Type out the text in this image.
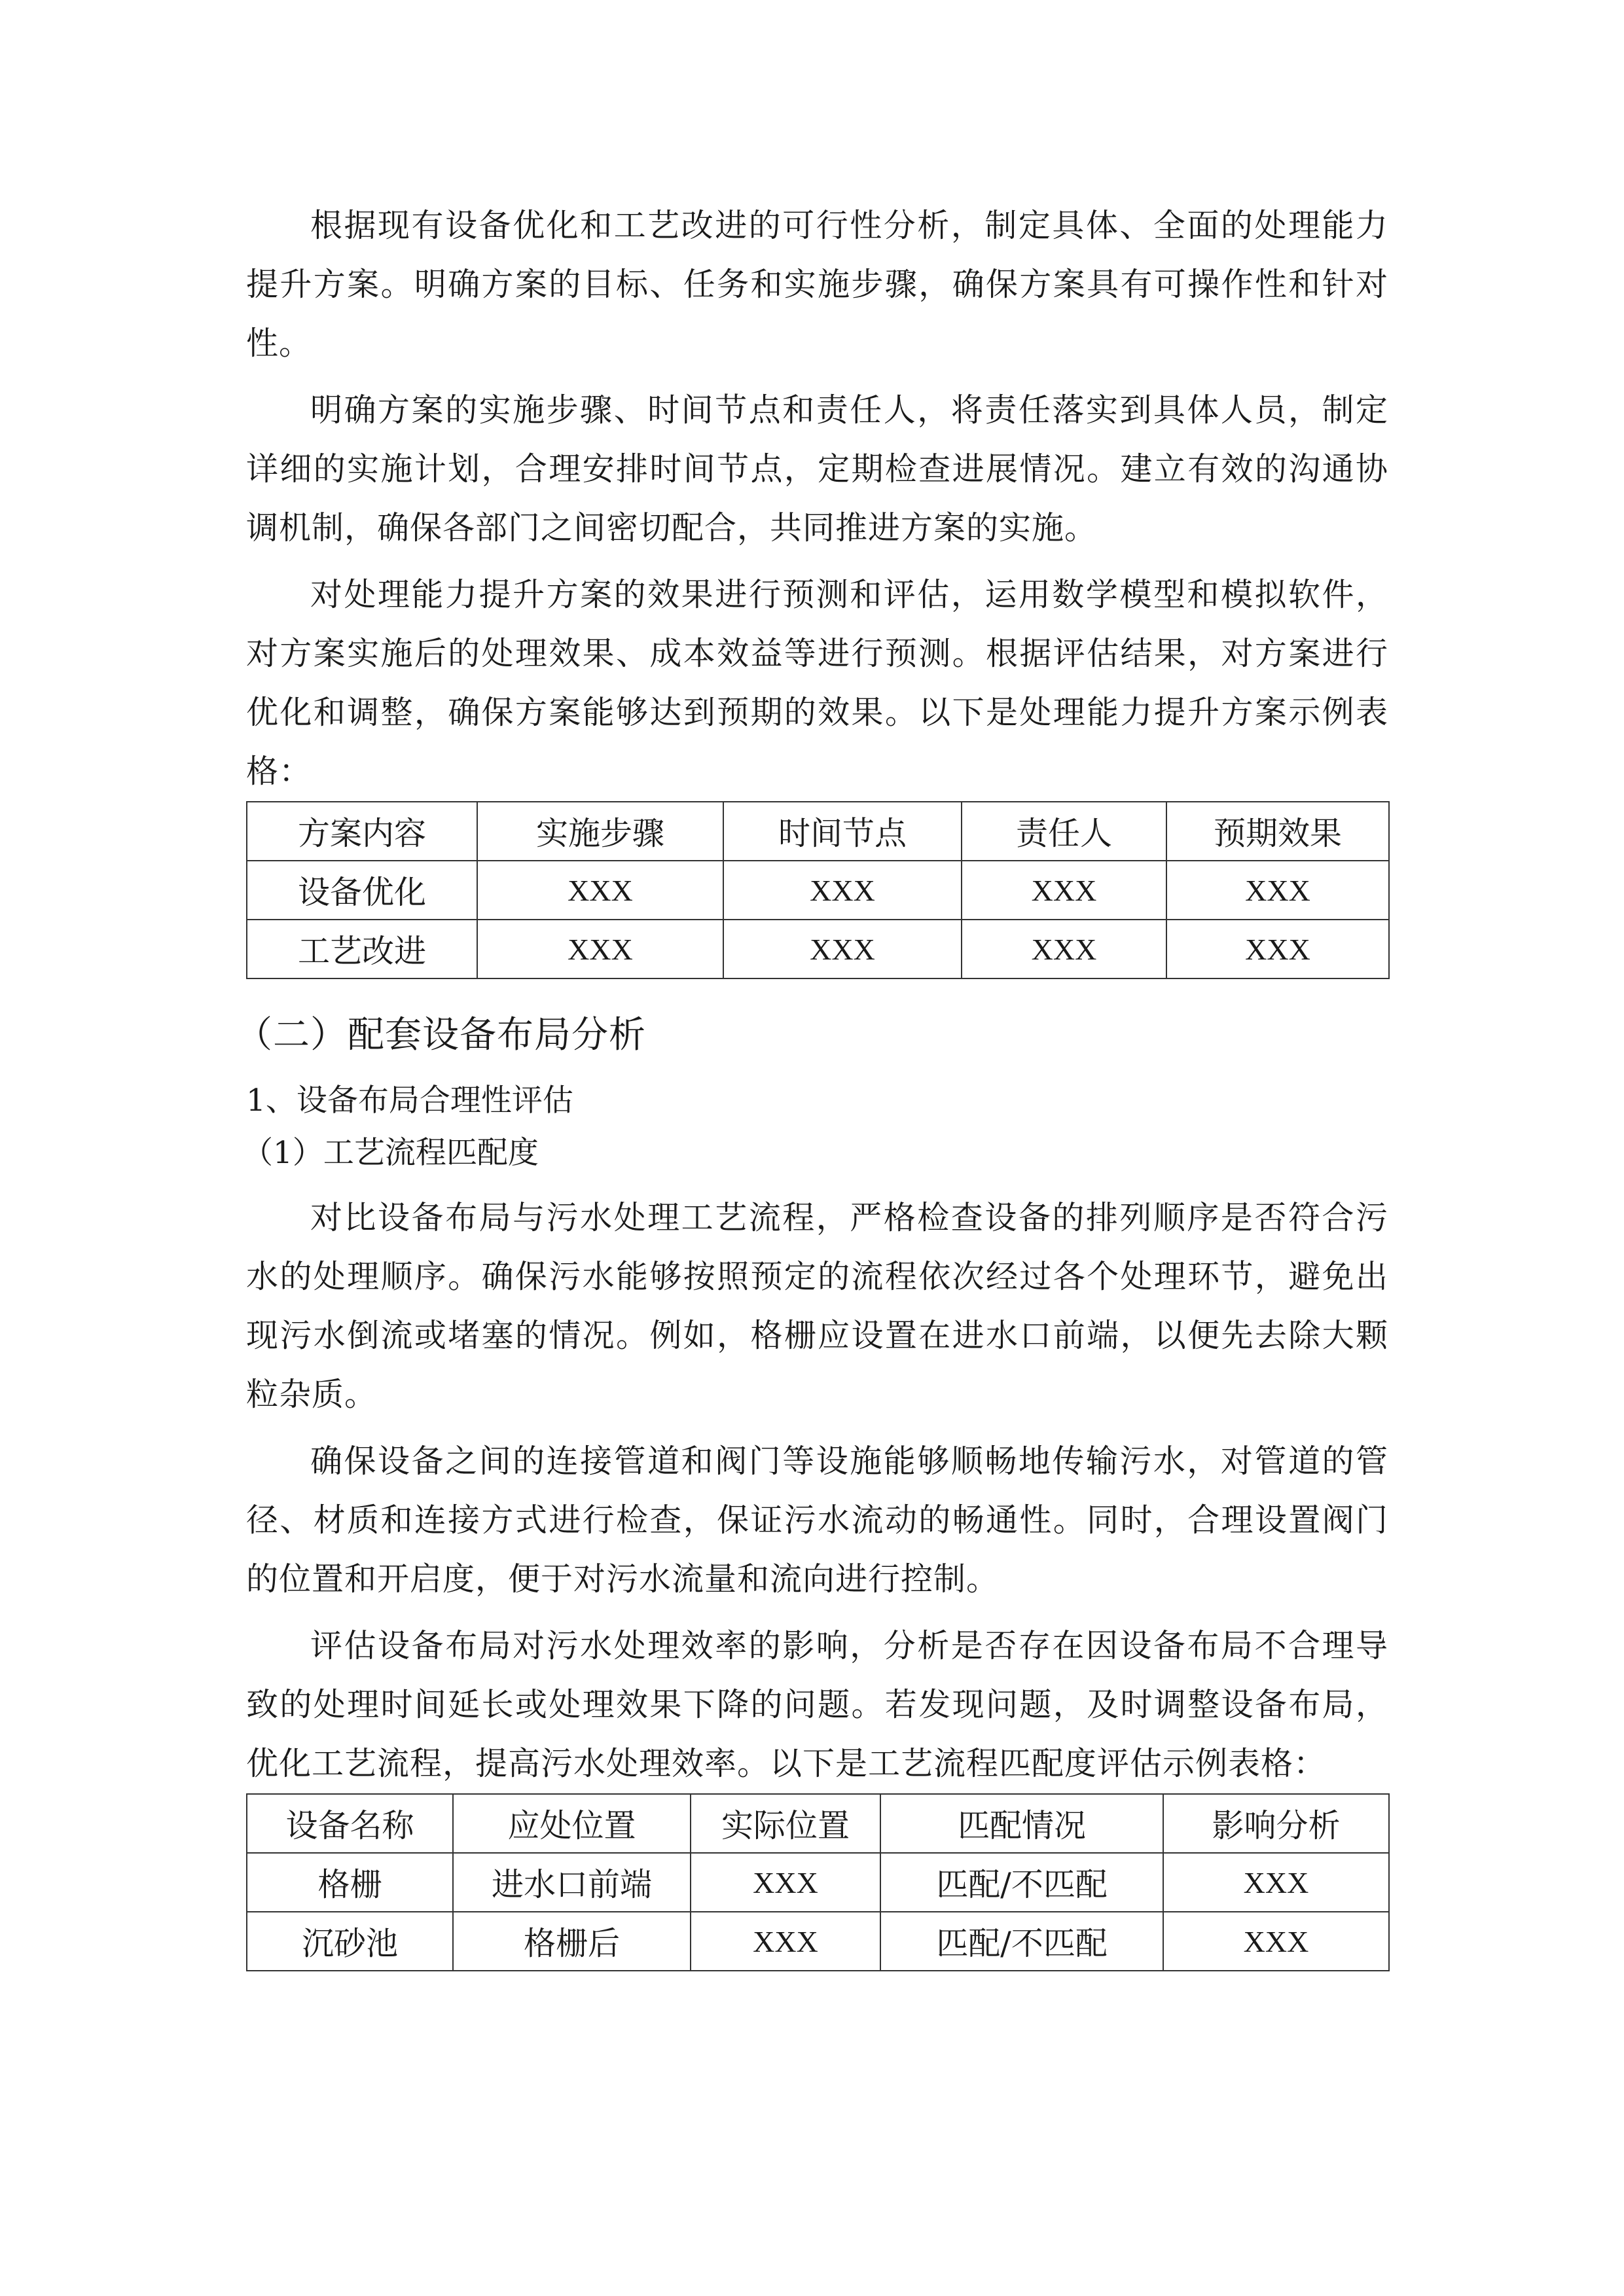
根据现有设备优化和工艺改进的可行性分析，制定具体、全面的处理能力提升方案。明确方案的目标、任务和实施步骤，确保方案具有可操作性和针对性。

明确方案的实施步骤、时间节点和责任人，将责任落实到具体人员，制定详细的实施计划，合理安排时间节点，定期检查进展情况。建立有效的沟通协调机制，确保各部门之间密切配合，共同推进方案的实施。

对处理能力提升方案的效果进行预测和评估，运用数学模型和模拟软件，对方案实施后的处理效果、成本效益等进行预测。根据评估结果，对方案进行优化和调整，确保方案能够达到预期的效果。以下是处理能力提升方案示例表格：

方案内容	实施步骤	时间节点	责任人	预期效果
设备优化	XXX	XXX	XXX	XXX
工艺改进	XXX	XXX	XXX	XXX
（二）配套设备布局分析
1、设备布局合理性评估
（1）工艺流程匹配度

对比设备布局与污水处理工艺流程，严格检查设备的排列顺序是否符合污水的处理顺序。确保污水能够按照预定的流程依次经过各个处理环节，避免出现污水倒流或堵塞的情况。例如，格栅应设置在进水口前端，以便先去除大颗粒杂质。

确保设备之间的连接管道和阀门等设施能够顺畅地传输污水，对管道的管径、材质和连接方式进行检查，保证污水流动的畅通性。同时，合理设置阀门的位置和开启度，便于对污水流量和流向进行控制。

评估设备布局对污水处理效率的影响，分析是否存在因设备布局不合理导致的处理时间延长或处理效果下降的问题。若发现问题，及时调整设备布局，优化工艺流程，提高污水处理效率。以下是工艺流程匹配度评估示例表格：

设备名称	应处位置	实际位置	匹配情况	影响分析
格栅	进水口前端	XXX	匹配/不匹配	XXX
沉砂池	格栅后	XXX	匹配/不匹配	XXX
